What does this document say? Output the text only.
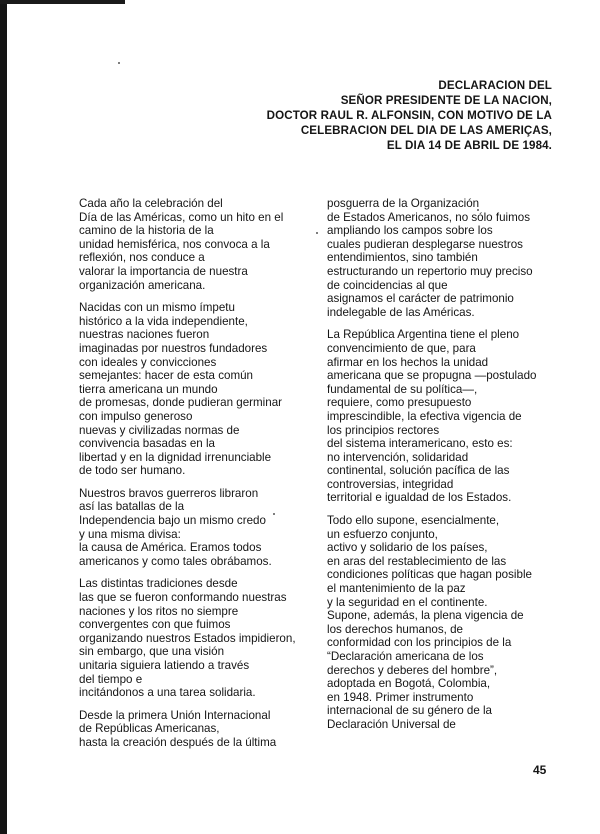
DECLARACION DEL
SEÑOR PRESIDENTE DE LA NACION,
DOCTOR RAUL R. ALFONSIN, CON MOTIVO DE LA
CELEBRACION DEL DIA DE LAS AMERIÇAS,
EL DIA 14 DE ABRIL DE 1984.

Cada año la celebración del
Día de las Américas, como un hito en el
camino de la historia de la
unidad hemisférica, nos convoca a la
reflexión, nos conduce a
valorar la importancia de nuestra
organización americana.

Nacidas con un mismo ímpetu
histórico a la vida independiente,
nuestras naciones fueron
imaginadas por nuestros fundadores
con ideales y convicciones
semejantes: hacer de esta común
tierra americana un mundo
de promesas, donde pudieran germinar
con impulso generoso
nuevas y civilizadas normas de
convivencia basadas en la
libertad y en la dignidad irrenunciable
de todo ser humano.

Nuestros bravos guerreros libraron
así las batallas de la
Independencia bajo un mismo credo
y una misma divisa:
la causa de América. Eramos todos
americanos y como tales obrábamos.

Las distintas tradiciones desde
las que se fueron conformando nuestras
naciones y los ritos no siempre
convergentes con que fuimos
organizando nuestros Estados impidieron,
sin embargo, que una visión
unitaria siguiera latiendo a través
del tiempo e
incitándonos a una tarea solidaria.

Desde la primera Unión Internacional
de Repúblicas Americanas,
hasta la creación después de la última

posguerra de la Organización
de Estados Americanos, no sólo fuimos
ampliando los campos sobre los
cuales pudieran desplegarse nuestros
entendimientos, sino también
estructurando un repertorio muy preciso
de coincidencias al que
asignamos el carácter de patrimonio
indelegable de las Américas.

La República Argentina tiene el pleno
convencimiento de que, para
afirmar en los hechos la unidad
americana que se propugna —postulado
fundamental de su política—,
requiere, como presupuesto
imprescindible, la efectiva vigencia de
los principios rectores
del sistema interamericano, esto es:
no intervención, solidaridad
continental, solución pacífica de las
controversias, integridad
territorial e igualdad de los Estados.

Todo ello supone, esencialmente,
un esfuerzo conjunto,
activo y solidario de los países,
en aras del restablecimiento de las
condiciones políticas que hagan posible
el mantenimiento de la paz
y la seguridad en el continente.
Supone, además, la plena vigencia de
los derechos humanos, de
conformidad con los principios de la
“Declaración americana de los
derechos y deberes del hombre”,
adoptada en Bogotá, Colombia,
en 1948. Primer instrumento
internacional de su género de la
Declaración Universal de

45
